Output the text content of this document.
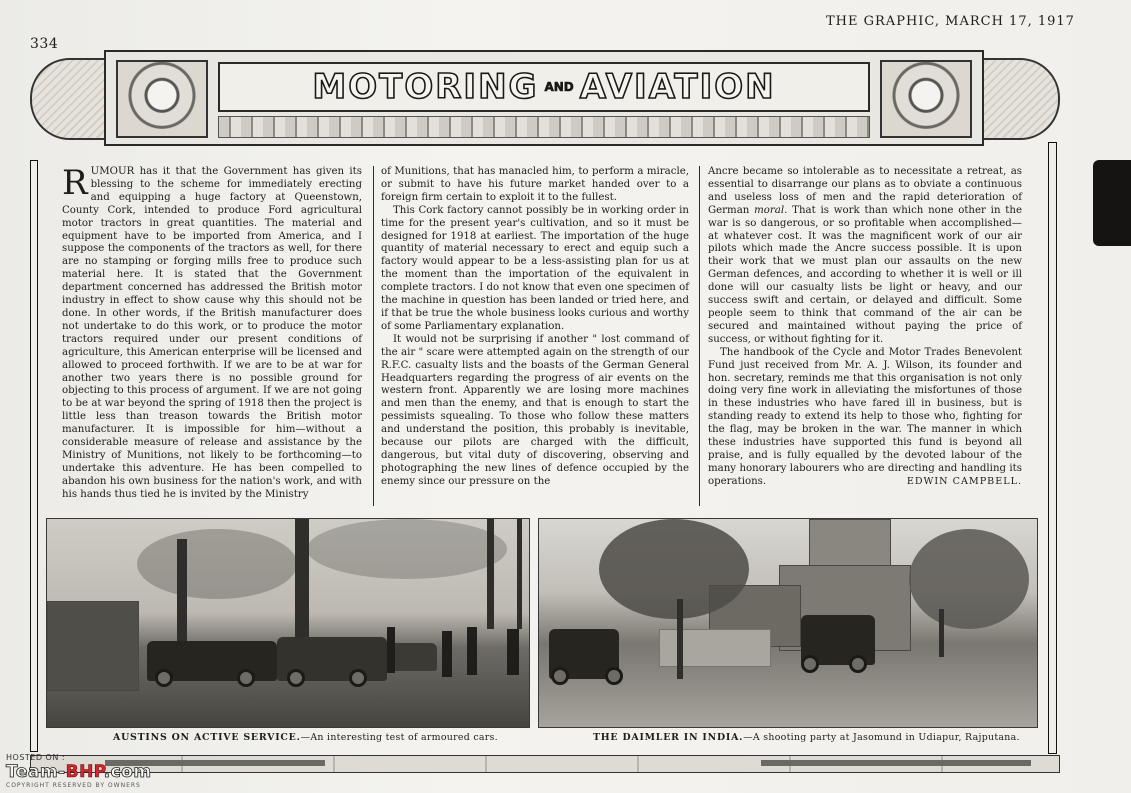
334
THE GRAPHIC, MARCH 17, 1917
MOTORING AND AVIATION

RUMOUR has it that the Government has given its blessing to the scheme for immediately erecting and equipping a huge factory at Queenstown, County Cork, intended to produce Ford agricultural motor tractors in great quantities. The material and equipment have to be imported from America, and I suppose the components of the tractors as well, for there are no stamping or forging mills free to produce such material here. It is stated that the Government department concerned has addressed the British motor industry in effect to show cause why this should not be done. In other words, if the British manufacturer does not undertake to do this work, or to produce the motor tractors required under our present conditions of agriculture, this American enterprise will be licensed and allowed to proceed forthwith. If we are to be at war for another two years there is no possible ground for objecting to this process of argument. If we are not going to be at war beyond the spring of 1918 then the project is little less than treason towards the British motor manufacturer. It is impossible for him—without a considerable measure of release and assistance by the Ministry of Munitions, not likely to be forthcoming—to undertake this adventure. He has been compelled to abandon his own business for the nation's work, and with his hands thus tied he is invited by the Ministry

of Munitions, that has manacled him, to perform a miracle, or submit to have his future market handed over to a foreign firm certain to exploit it to the fullest.

This Cork factory cannot possibly be in working order in time for the present year's cultivation, and so it must be designed for 1918 at earliest. The importation of the huge quantity of material necessary to erect and equip such a factory would appear to be a less-assisting plan for us at the moment than the importation of the equivalent in complete tractors. I do not know that even one specimen of the machine in question has been landed or tried here, and if that be true the whole business looks curious and worthy of some Parliamentary explanation.

It would not be surprising if another " lost command of the air " scare were attempted again on the strength of our R.F.C. casualty lists and the boasts of the German General Headquarters regarding the progress of air events on the western front. Apparently we are losing more machines and men than the enemy, and that is enough to start the pessimists squealing. To those who follow these matters and understand the position, this probably is inevitable, because our pilots are charged with the difficult, dangerous, but vital duty of discovering, observing and photographing the new lines of defence occupied by the enemy since our pressure on the

Ancre became so intolerable as to necessitate a retreat, as essential to disarrange our plans as to obviate a continuous and useless loss of men and the rapid deterioration of German moral. That is work than which none other in the war is so dangerous, or so profitable when accomplished—at whatever cost. It was the magnificent work of our air pilots which made the Ancre success possible. It is upon their work that we must plan our assaults on the new German defences, and according to whether it is well or ill done will our casualty lists be light or heavy, and our success swift and certain, or delayed and difficult. Some people seem to think that command of the air can be secured and maintained without paying the price of success, or without fighting for it.

The handbook of the Cycle and Motor Trades Benevolent Fund just received from Mr. A. J. Wilson, its founder and hon. secretary, reminds me that this organisation is not only doing very fine work in alleviating the misfortunes of those in these industries who have fared ill in business, but is standing ready to extend its help to those who, fighting for the flag, may be broken in the war. The manner in which these industries have supported this fund is beyond all praise, and is fully equalled by the devoted labour of the many honorary labourers who are directing and handling its operations.	EDWIN CAMPBELL.
AUSTINS ON ACTIVE SERVICE.—An interesting test of armoured cars.	THE DAIMLER IN INDIA.—A shooting party at Jasomund in Udiapur, Rajputana.
HOSTED ON :
Team-BHP.com
COPYRIGHT RESERVED BY OWNERS
